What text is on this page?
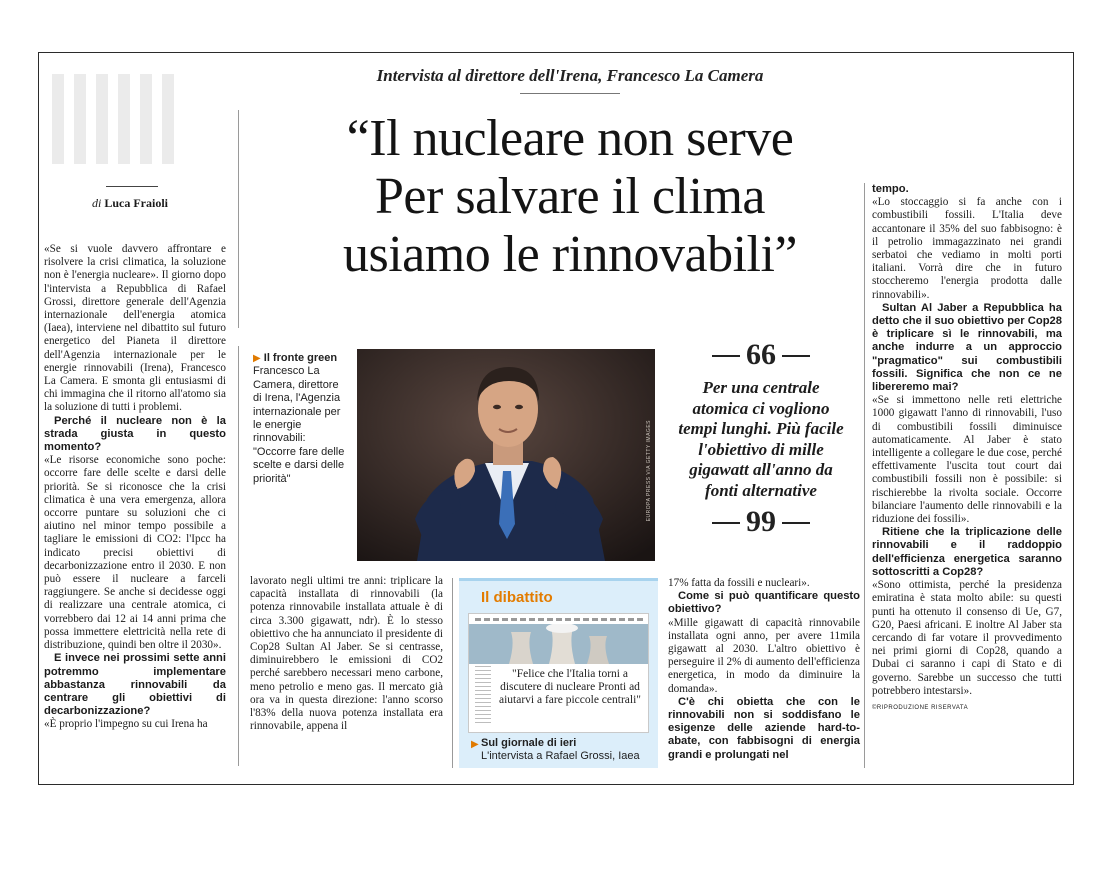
Intervista al direttore dell'Irena, Francesco La Camera
“Il nucleare non serve
Per salvare il clima
usiamo le rinnovabili”
di Luca Fraioli

«Se si vuole davvero affrontare e risolvere la crisi climatica, la soluzione non è l'energia nucleare». Il giorno dopo l'intervista a Repubblica di Rafael Grossi, direttore generale dell'Agenzia internazionale dell'energia atomica (Iaea), interviene nel dibattito sul futuro energetico del Pianeta il direttore dell'Agenzia internazionale per le energie rinnovabili (Irena), Francesco La Camera. E smonta gli entusiasmi di chi immagina che il ritorno all'atomo sia la soluzione di tutti i problemi.

Perché il nucleare non è la strada giusta in questo momento?

«Le risorse economiche sono poche: occorre fare delle scelte e darsi delle priorità. Se si riconosce che la crisi climatica è una vera emergenza, allora occorre puntare su soluzioni che ci aiutino nel minor tempo possibile a tagliare le emissioni di CO2: l'Ipcc ha indicato precisi obiettivi di decarbonizzazione entro il 2030. E non può essere il nucleare a farceli raggiungere. Se anche si decidesse oggi di realizzare una centrale atomica, ci vorrebbero dai 12 ai 14 anni prima che possa immettere elettricità nella rete di distribuzione, quindi ben oltre il 2030».

E invece nei prossimi sette anni potremmo implementare abbastanza rinnovabili da centrare gli obiettivi di decarbonizzazione?

«È proprio l'impegno su cui Irena ha

▶ Il fronte green
Francesco La Camera, direttore di Irena, l'Agenzia internazionale per le energie rinnovabili: "Occorre fare delle scelte e darsi delle priorità"	EUROPA PRESS VIA GETTY IMAGES
66
Per una centrale atomica ci vogliono tempi lunghi. Più facile l'obiettivo di mille gigawatt all'anno da fonti alternative
99

lavorato negli ultimi tre anni: triplicare la capacità installata di rinnovabili (la potenza rinnovabile installata attuale è di circa 3.300 gigawatt, ndr). È lo stesso obiettivo che ha annunciato il presidente di Cop28 Sultan Al Jaber. Se si centrasse, diminuirebbero le emissioni di CO2 perché sarebbero necessari meno carbone, meno petrolio e meno gas. Il mercato già ora va in questa direzione: l'anno scorso l'83% della nuova potenza installata era rinnovabile, appena il

Il dibattito
"Felice che l'Italia torni a discutere di nucleare Pronti ad aiutarvi a fare piccole centrali"
▶ Sul giornale di ieri
L'intervista a Rafael Grossi, Iaea

17% fatta da fossili e nucleari».

Come si può quantificare questo obiettivo?

«Mille gigawatt di capacità rinnovabile installata ogni anno, per avere 11mila gigawatt al 2030. L'altro obiettivo è perseguire il 2% di aumento dell'efficienza energetica, in modo da diminuire la domanda».

C'è chi obietta che con le rinnovabili non si soddisfano le esigenze delle aziende hard-to-abate, con fabbisogni di energia grandi e prolungati nel

tempo.

«Lo stoccaggio si fa anche con i combustibili fossili. L'Italia deve accantonare il 35% del suo fabbisogno: è il petrolio immagazzinato nei grandi serbatoi che vediamo in molti porti italiani. Vorrà dire che in futuro stoccheremo l'energia prodotta dalle rinnovabili».

Sultan Al Jaber a Repubblica ha detto che il suo obiettivo per Cop28 è triplicare sì le rinnovabili, ma anche indurre a un approccio "pragmatico" sui combustibili fossili. Significa che non ce ne libereremo mai?

«Se si immettono nelle reti elettriche 1000 gigawatt l'anno di rinnovabili, l'uso di combustibili fossili diminuisce automaticamente. Al Jaber è stato intelligente a collegare le due cose, perché effettivamente l'uscita tout court dai combustibili fossili non è possibile: si rischierebbe la rivolta sociale. Occorre bilanciare l'aumento delle rinnovabili e la riduzione dei fossili».

Ritiene che la triplicazione delle rinnovabili e il raddoppio dell'efficienza energetica saranno sottoscritti a Cop28?

«Sono ottimista, perché la presidenza emiratina è stata molto abile: su questi punti ha ottenuto il consenso di Ue, G7, G20, Paesi africani. E inoltre Al Jaber sta cercando di far votare il provvedimento nei primi giorni di Cop28, quando a Dubai ci saranno i capi di Stato e di governo. Sarebbe un successo che tutti potrebbero intestarsi».

©RIPRODUZIONE RISERVATA
